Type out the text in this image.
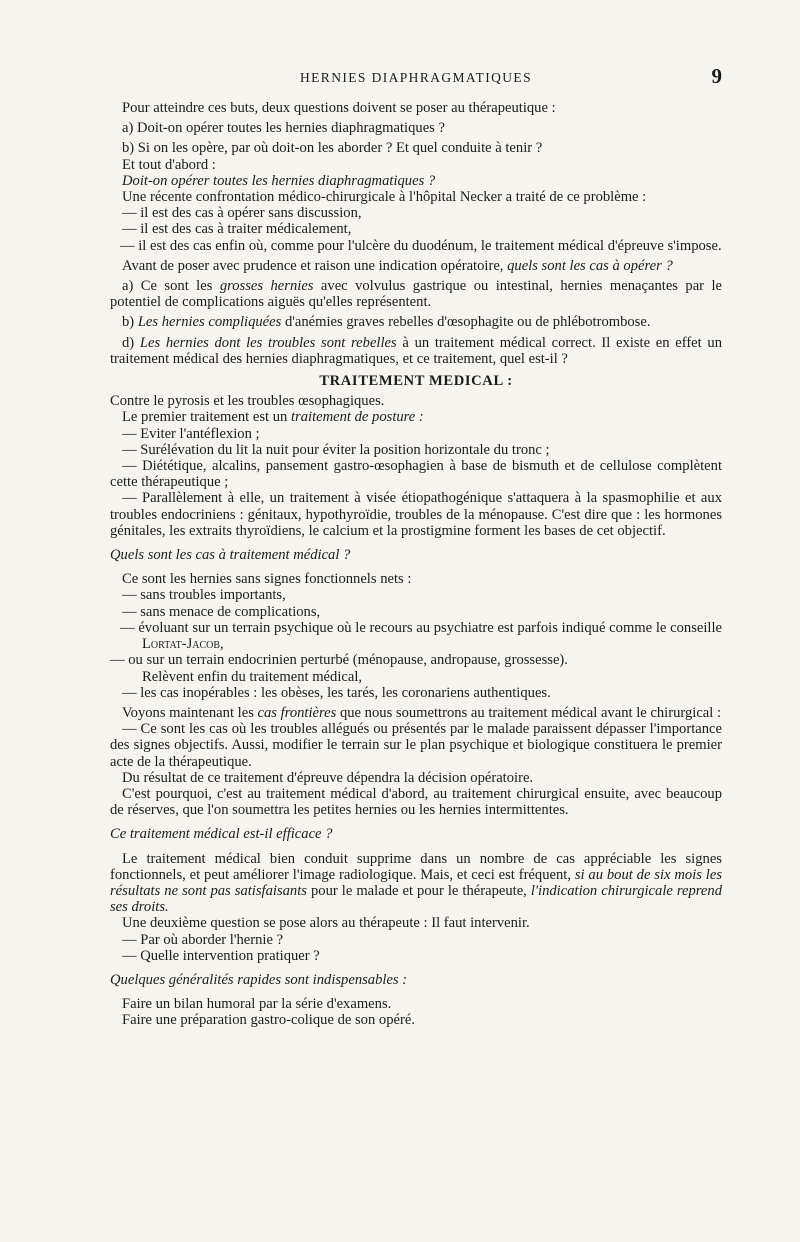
HERNIES DIAPHRAGMATIQUES	9

Pour atteindre ces buts, deux questions doivent se poser au thérapeutique :

a) Doit-on opérer toutes les hernies diaphragmatiques ?

b) Si on les opère, par où doit-on les aborder ? Et quel conduite à tenir ?

Et tout d'abord :

Doit-on opérer toutes les hernies diaphragmatiques ?

Une récente confrontation médico-chirurgicale à l'hôpital Necker a traité de ce problème :

— il est des cas à opérer sans discussion,

— il est des cas à traiter médicalement,

— il est des cas enfin où, comme pour l'ulcère du duodénum, le traitement médical d'épreuve s'impose.

Avant de poser avec prudence et raison une indication opératoire, quels sont les cas à opérer ?

a) Ce sont les grosses hernies avec volvulus gastrique ou intestinal, hernies menaçantes par le potentiel de complications aiguës qu'elles représentent.

b) Les hernies compliquées d'anémies graves rebelles d'œsophagite ou de phlébotrombose.

d) Les hernies dont les troubles sont rebelles à un traitement médical correct. Il existe en effet un traitement médical des hernies diaphragmatiques, et ce traitement, quel est-il ?

TRAITEMENT MEDICAL :

Contre le pyrosis et les troubles œsophagiques.

Le premier traitement est un traitement de posture :

— Eviter l'antéflexion ;

— Surélévation du lit la nuit pour éviter la position horizontale du tronc ;

— Diététique, alcalins, pansement gastro-œsophagien à base de bismuth et de cellulose complètent cette thérapeutique ;

— Parallèlement à elle, un traitement à visée étiopathogénique s'attaquera à la spasmophilie et aux troubles endocriniens : génitaux, hypothyroïdie, troubles de la ménopause. C'est dire que : les hormones génitales, les extraits thyroïdiens, le calcium et la prostigmine forment les bases de cet objectif.

Quels sont les cas à traitement médical ?

Ce sont les hernies sans signes fonctionnels nets :

— sans troubles importants,

— sans menace de complications,

— évoluant sur un terrain psychique où le recours au psychiatre est parfois indiqué comme le conseille Lortat-Jacob,

— ou sur un terrain endocrinien perturbé (ménopause, andropause, grossesse).

Relèvent enfin du traitement médical,

— les cas inopérables : les obèses, les tarés, les coronariens authentiques.

Voyons maintenant les cas frontières que nous soumettrons au traitement médical avant le chirurgical :

— Ce sont les cas où les troubles allégués ou présentés par le malade paraissent dépasser l'importance des signes objectifs. Aussi, modifier le terrain sur le plan psychique et biologique constituera le premier acte de la thérapeutique.

Du résultat de ce traitement d'épreuve dépendra la décision opératoire.

C'est pourquoi, c'est au traitement médical d'abord, au traitement chirurgical ensuite, avec beaucoup de réserves, que l'on soumettra les petites hernies ou les hernies intermittentes.

Ce traitement médical est-il efficace ?

Le traitement médical bien conduit supprime dans un nombre de cas appréciable les signes fonctionnels, et peut améliorer l'image radiologique. Mais, et ceci est fréquent, si au bout de six mois les résultats ne sont pas satisfaisants pour le malade et pour le thérapeute, l'indication chirurgicale reprend ses droits.

Une deuxième question se pose alors au thérapeute : Il faut intervenir.

— Par où aborder l'hernie ?

— Quelle intervention pratiquer ?

Quelques généralités rapides sont indispensables :

Faire un bilan humoral par la série d'examens.

Faire une préparation gastro-colique de son opéré.
